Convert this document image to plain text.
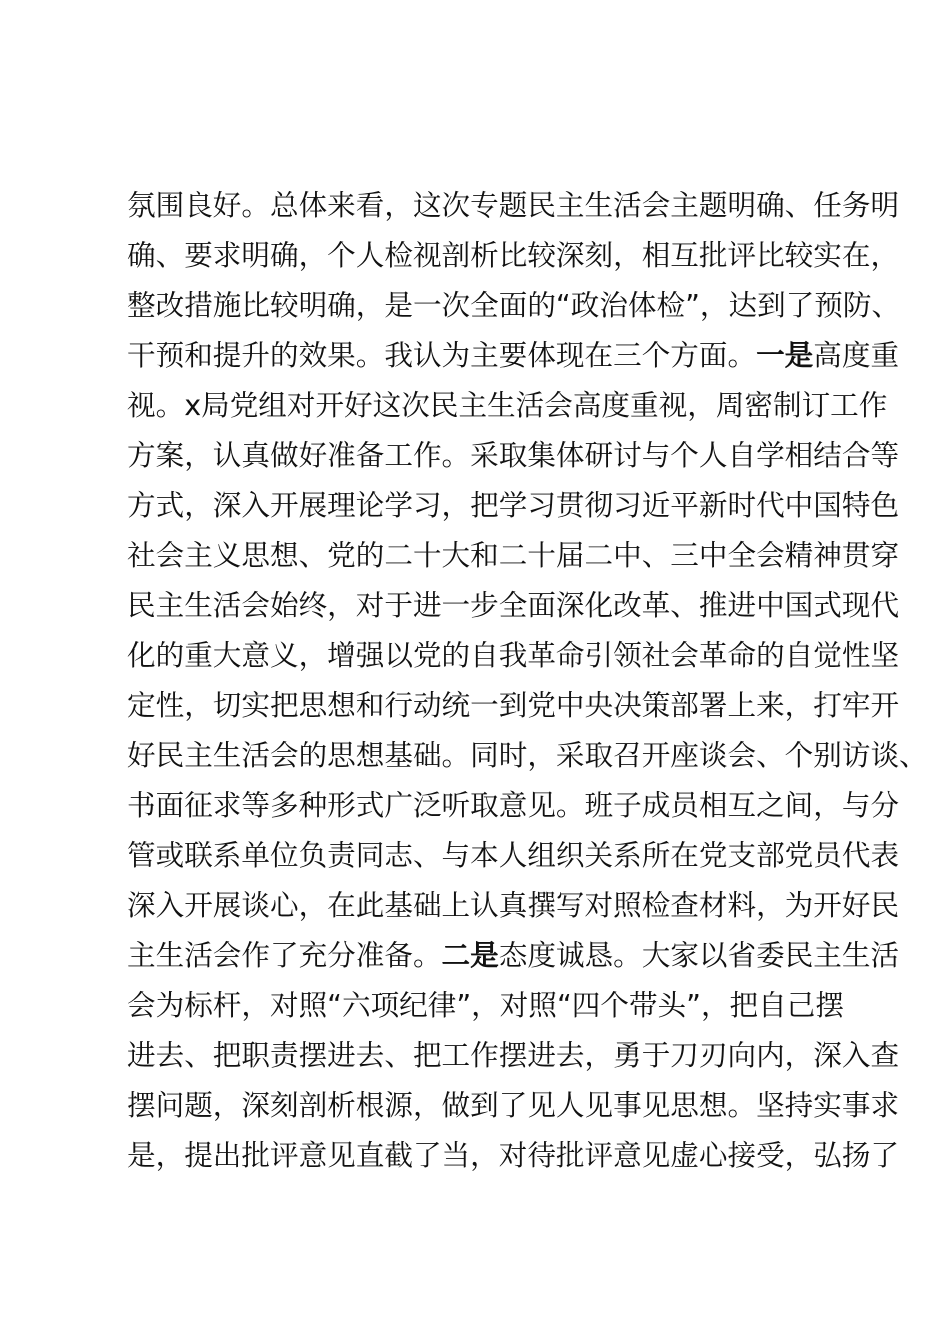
氛围良好。总体来看，这次专题民主生活会主题明确、任务明
确、要求明确，个人检视剖析比较深刻，相互批评比较实在，
整改措施比较明确，是一次全面的“政治体检”，达到了预防、
干预和提升的效果。我认为主要体现在三个方面。一是高度重
视。x局党组对开好这次民主生活会高度重视，周密制订工作
方案，认真做好准备工作。采取集体研讨与个人自学相结合等
方式，深入开展理论学习，把学习贯彻习近平新时代中国特色
社会主义思想、党的二十大和二十届二中、三中全会精神贯穿
民主生活会始终，对于进一步全面深化改革、推进中国式现代
化的重大意义，增强以党的自我革命引领社会革命的自觉性坚
定性，切实把思想和行动统一到党中央决策部署上来，打牢开
好民主生活会的思想基础。同时，采取召开座谈会、个别访谈、
书面征求等多种形式广泛听取意见。班子成员相互之间，与分
管或联系单位负责同志、与本人组织关系所在党支部党员代表
深入开展谈心，在此基础上认真撰写对照检查材料，为开好民
主生活会作了充分准备。二是态度诚恳。大家以省委民主生活
会为标杆，对照“六项纪律”，对照“四个带头”，把自己摆
进去、把职责摆进去、把工作摆进去，勇于刀刃向内，深入查
摆问题，深刻剖析根源，做到了见人见事见思想。坚持实事求
是，提出批评意见直截了当，对待批评意见虚心接受，弘扬了
